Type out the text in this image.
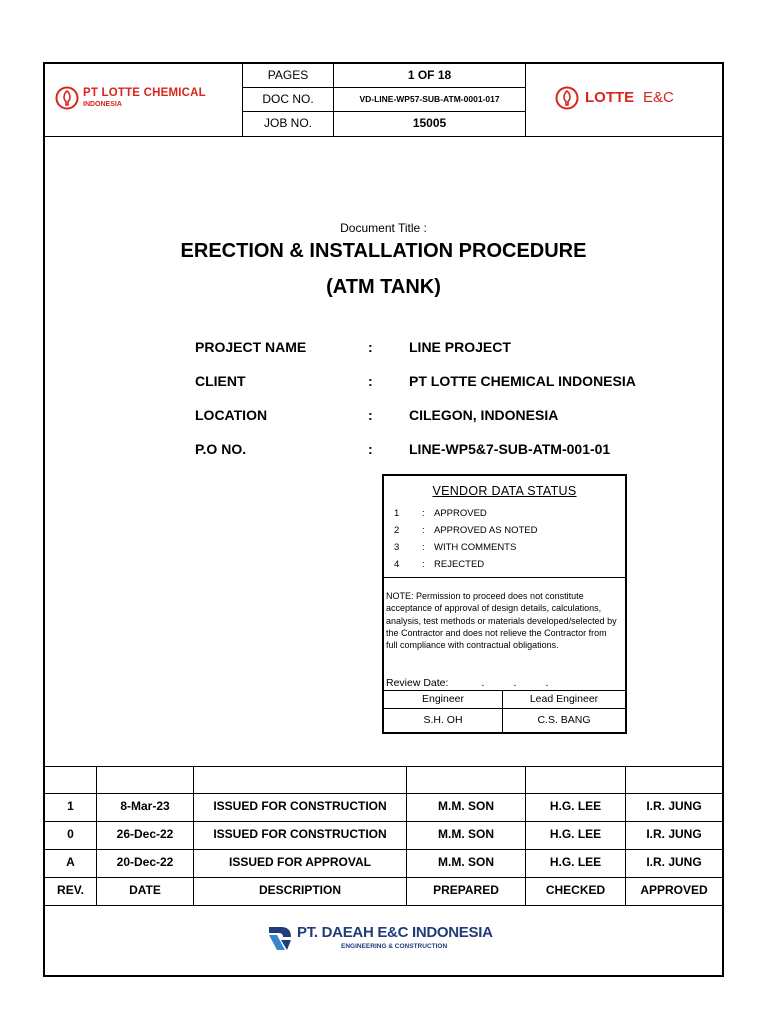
PT LOTTE CHEMICAL
INDONESIA
PAGES	1 OF 18
DOC NO.	VD-LINE-WP57-SUB-ATM-0001-017
JOB NO.	15005
LOTTE E&C
Document Title :
ERECTION & INSTALLATION PROCEDURE
(ATM TANK)
PROJECT NAME	:	LINE PROJECT
CLIENT	:	PT LOTTE CHEMICAL INDONESIA
LOCATION	:	CILEGON, INDONESIA
P.O NO.	:	LINE-WP5&7-SUB-ATM-001-01
VENDOR DATA STATUS
1 : APPROVED
2 : APPROVED AS NOTED
3 : WITH COMMENTS
4 : REJECTED
NOTE: Permission to proceed does not constitute acceptance of approval of design details, calculations, analysis, test methods or materials developed/selected by the Contractor and does not relieve the Contractor from full compliance with contractual obligations.
Review Date:	.          .          .
Engineer	Lead Engineer
S.H. OH	C.S. BANG
1	8-Mar-23	ISSUED FOR CONSTRUCTION	M.M. SON	H.G. LEE	I.R. JUNG
0	26-Dec-22	ISSUED FOR CONSTRUCTION	M.M. SON	H.G. LEE	I.R. JUNG
A	20-Dec-22	ISSUED FOR APPROVAL	M.M. SON	H.G. LEE	I.R. JUNG
REV.	DATE	DESCRIPTION	PREPARED	CHECKED	APPROVED
PT. DAEAH E&C INDONESIA
ENGINEERING & CONSTRUCTION
